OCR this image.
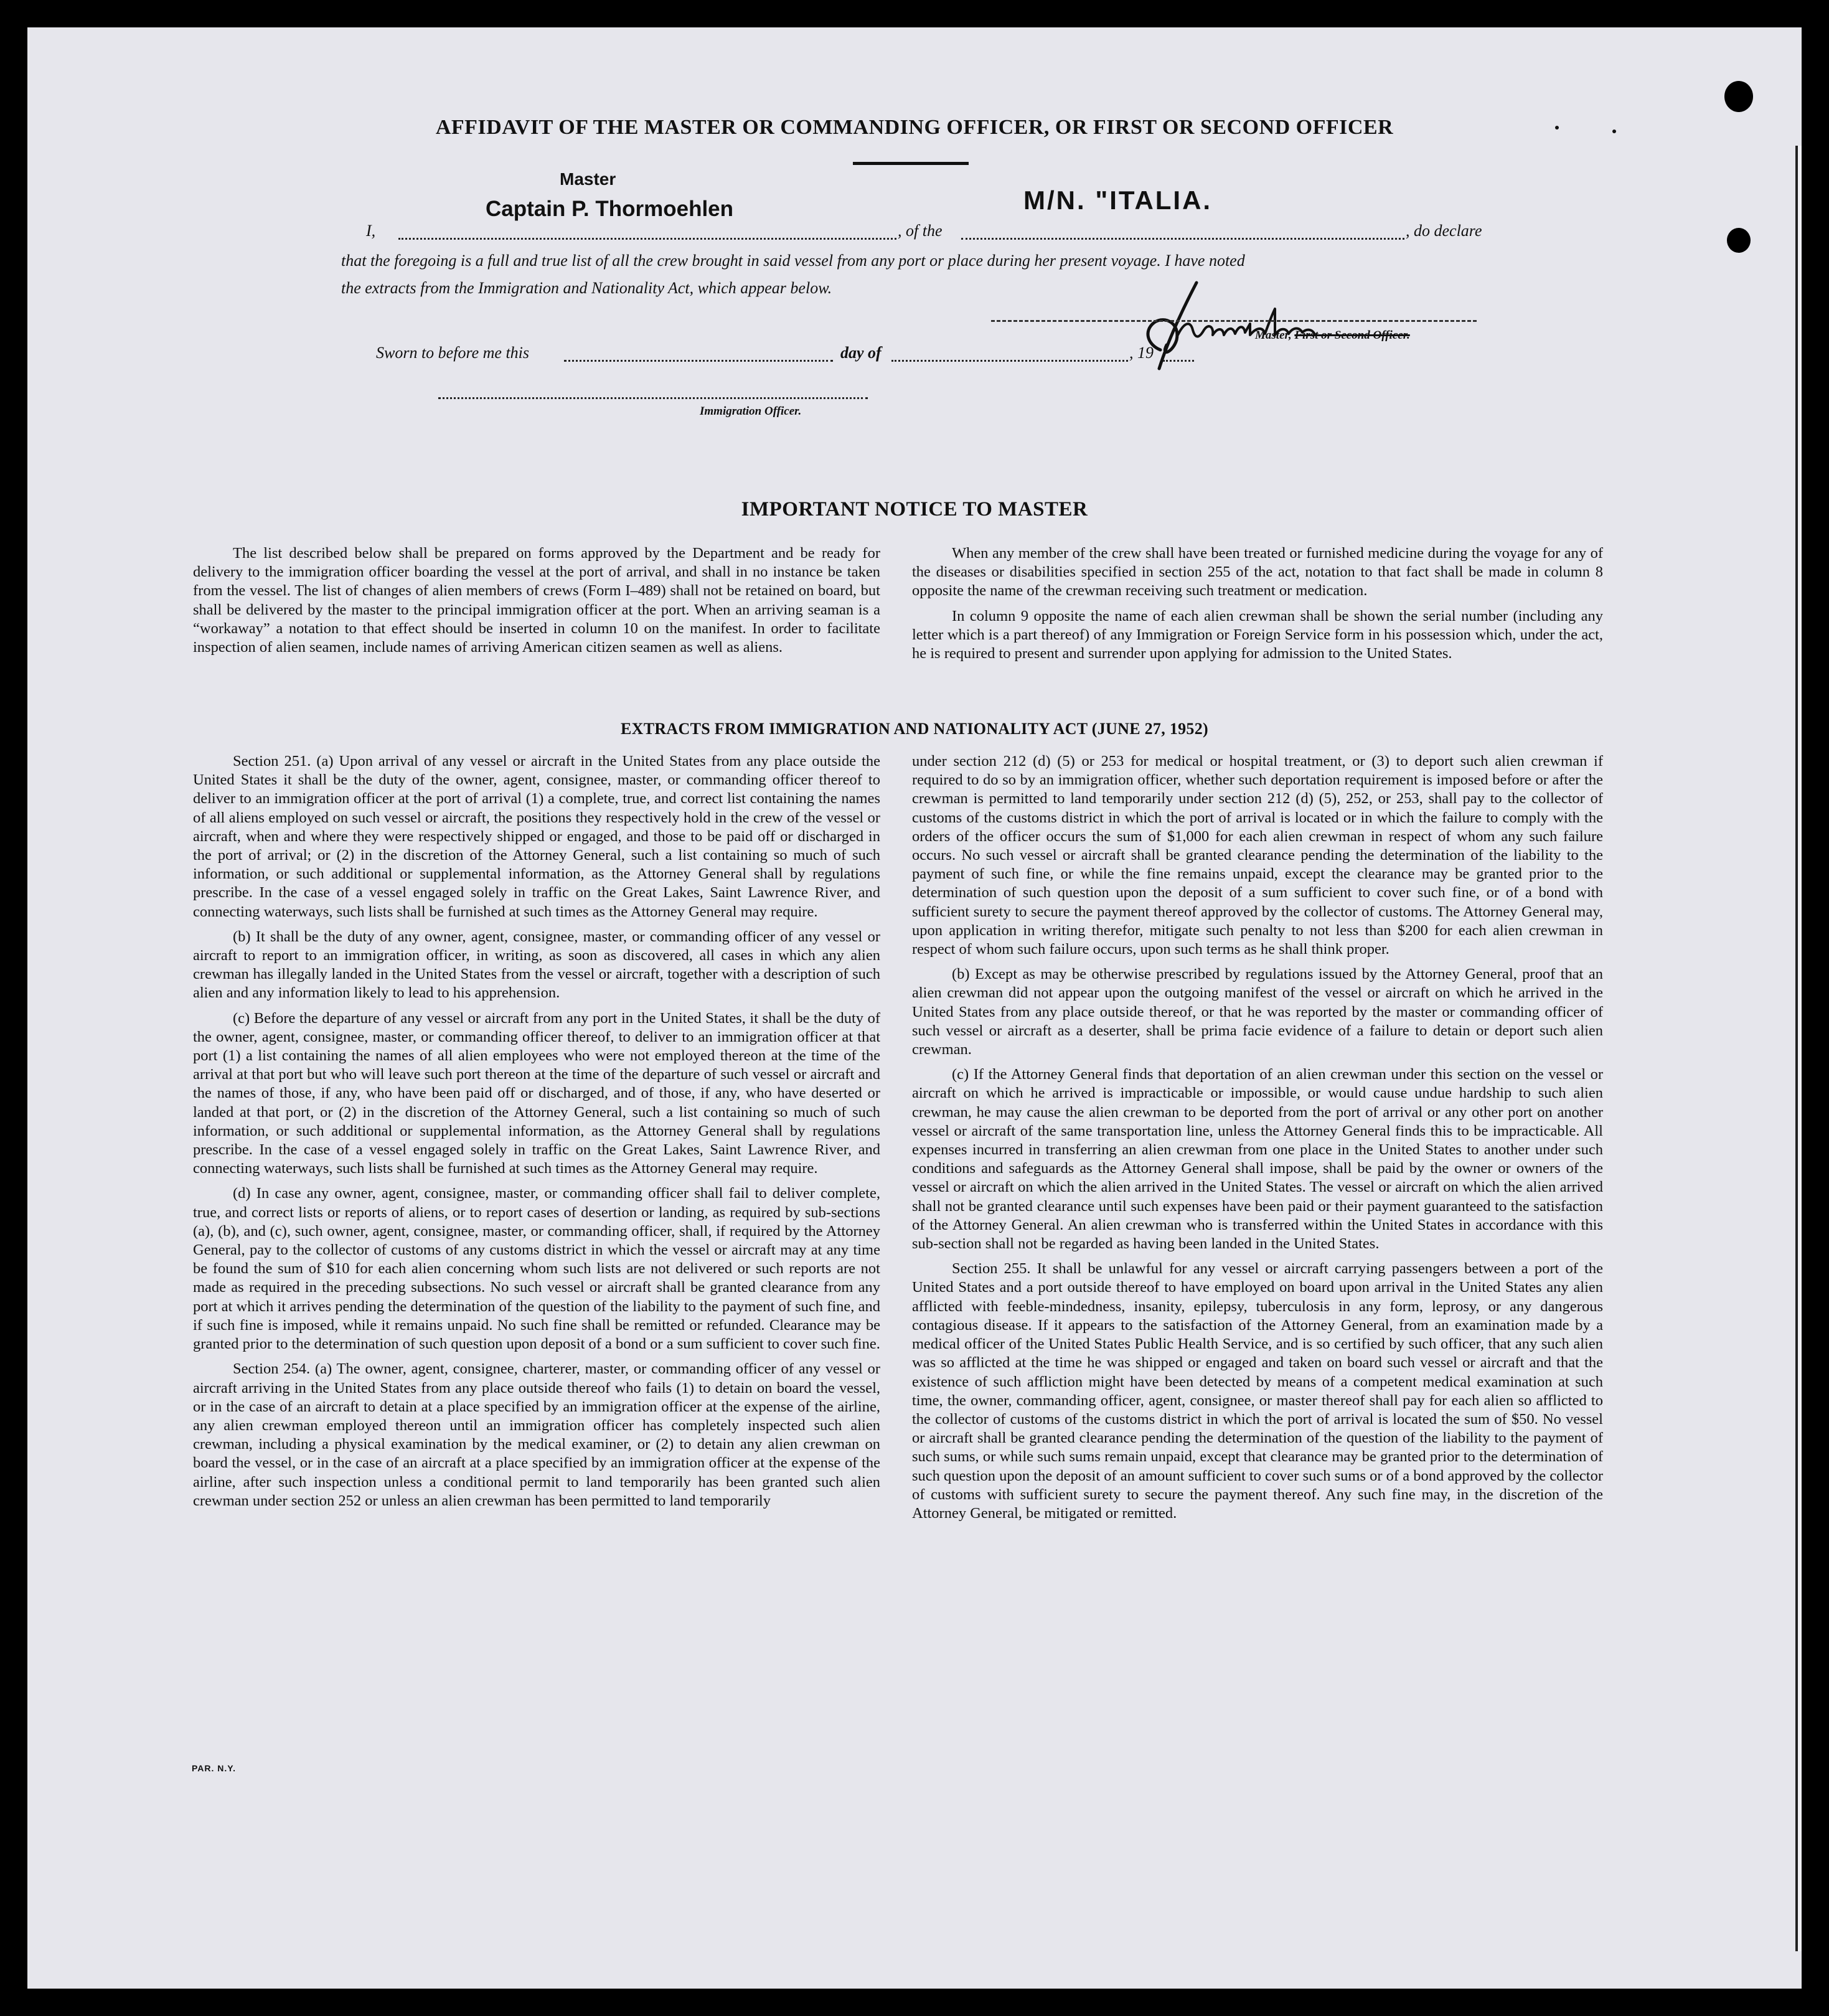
AFFIDAVIT OF THE MASTER OR COMMANDING OFFICER, OR FIRST OR SECOND OFFICER
I,
Master
Captain P. Thormoehlen
, of the
M/N. "ITALIA.
, do declare
that the foregoing is a full and true list of all the crew brought in said vessel from any port or place during her present voyage. I have noted
the extracts from the Immigration and Nationality Act, which appear below.
Master, First or Second Officer.
Sworn to before me this	day of	, 19
Immigration Officer.
IMPORTANT NOTICE TO MASTER

The list described below shall be prepared on forms approved by the Department and be ready for delivery to the immigration officer boarding the vessel at the port of arrival, and shall in no instance be taken from the vessel. The list of changes of alien members of crews (Form I–489) shall not be retained on board, but shall be delivered by the master to the principal immigration officer at the port. When an arriving seaman is a “workaway” a notation to that effect should be inserted in column 10 on the manifest. In order to facilitate inspection of alien seamen, include names of arriving American citizen seamen as well as aliens.

When any member of the crew shall have been treated or furnished medicine during the voyage for any of the diseases or disabilities specified in section 255 of the act, notation to that fact shall be made in column 8 opposite the name of the crewman receiving such treatment or medication.

In column 9 opposite the name of each alien crewman shall be shown the serial number (including any letter which is a part thereof) of any Immigration or Foreign Service form in his possession which, under the act, he is required to present and surrender upon applying for admission to the United States.

EXTRACTS FROM IMMIGRATION AND NATIONALITY ACT (JUNE 27, 1952)

Section 251. (a) Upon arrival of any vessel or aircraft in the United States from any place outside the United States it shall be the duty of the owner, agent, consignee, master, or commanding officer thereof to deliver to an immigration officer at the port of arrival (1) a complete, true, and correct list containing the names of all aliens employed on such vessel or aircraft, the positions they respectively hold in the crew of the vessel or aircraft, when and where they were respectively shipped or engaged, and those to be paid off or discharged in the port of arrival; or (2) in the discretion of the Attorney General, such a list containing so much of such information, or such additional or supplemental information, as the Attorney General shall by regulations prescribe. In the case of a vessel engaged solely in traffic on the Great Lakes, Saint Lawrence River, and connecting waterways, such lists shall be furnished at such times as the Attorney General may require.

(b) It shall be the duty of any owner, agent, consignee, master, or commanding officer of any vessel or aircraft to report to an immigration officer, in writing, as soon as discovered, all cases in which any alien crewman has illegally landed in the United States from the vessel or aircraft, together with a description of such alien and any information likely to lead to his apprehension.

(c) Before the departure of any vessel or aircraft from any port in the United States, it shall be the duty of the owner, agent, consignee, master, or commanding officer thereof, to deliver to an immigration officer at that port (1) a list containing the names of all alien employees who were not employed thereon at the time of the arrival at that port but who will leave such port thereon at the time of the departure of such vessel or aircraft and the names of those, if any, who have been paid off or discharged, and of those, if any, who have deserted or landed at that port, or (2) in the discretion of the Attorney General, such a list containing so much of such information, or such additional or supplemental information, as the Attorney General shall by regulations prescribe. In the case of a vessel engaged solely in traffic on the Great Lakes, Saint Lawrence River, and connecting waterways, such lists shall be furnished at such times as the Attorney General may require.

(d) In case any owner, agent, consignee, master, or commanding officer shall fail to deliver complete, true, and correct lists or reports of aliens, or to report cases of desertion or landing, as required by sub-sections (a), (b), and (c), such owner, agent, consignee, master, or commanding officer, shall, if required by the Attorney General, pay to the collector of customs of any customs district in which the vessel or aircraft may at any time be found the sum of $10 for each alien concerning whom such lists are not delivered or such reports are not made as required in the preceding subsections. No such vessel or aircraft shall be granted clearance from any port at which it arrives pending the determination of the question of the liability to the payment of such fine, and if such fine is imposed, while it remains unpaid. No such fine shall be remitted or refunded. Clearance may be granted prior to the determination of such question upon deposit of a bond or a sum sufficient to cover such fine.

Section 254. (a) The owner, agent, consignee, charterer, master, or commanding officer of any vessel or aircraft arriving in the United States from any place outside thereof who fails (1) to detain on board the vessel, or in the case of an aircraft to detain at a place specified by an immigration officer at the expense of the airline, any alien crewman employed thereon until an immigration officer has completely inspected such alien crewman, including a physical examination by the medical examiner, or (2) to detain any alien crewman on board the vessel, or in the case of an aircraft at a place specified by an immigration officer at the expense of the airline, after such inspection unless a conditional permit to land temporarily has been granted such alien crewman under section 252 or unless an alien crewman has been permitted to land temporarily

under section 212 (d) (5) or 253 for medical or hospital treatment, or (3) to deport such alien crewman if required to do so by an immigration officer, whether such deportation requirement is imposed before or after the crewman is permitted to land temporarily under section 212 (d) (5), 252, or 253, shall pay to the collector of customs of the customs district in which the port of arrival is located or in which the failure to comply with the orders of the officer occurs the sum of $1,000 for each alien crewman in respect of whom any such failure occurs. No such vessel or aircraft shall be granted clearance pending the determination of the liability to the payment of such fine, or while the fine remains unpaid, except the clearance may be granted prior to the determination of such question upon the deposit of a sum sufficient to cover such fine, or of a bond with sufficient surety to secure the payment thereof approved by the collector of customs. The Attorney General may, upon application in writing therefor, mitigate such penalty to not less than $200 for each alien crewman in respect of whom such failure occurs, upon such terms as he shall think proper.

(b) Except as may be otherwise prescribed by regulations issued by the Attorney General, proof that an alien crewman did not appear upon the outgoing manifest of the vessel or aircraft on which he arrived in the United States from any place outside thereof, or that he was reported by the master or commanding officer of such vessel or aircraft as a deserter, shall be prima facie evidence of a failure to detain or deport such alien crewman.

(c) If the Attorney General finds that deportation of an alien crewman under this section on the vessel or aircraft on which he arrived is impracticable or impossible, or would cause undue hardship to such alien crewman, he may cause the alien crewman to be deported from the port of arrival or any other port on another vessel or aircraft of the same transportation line, unless the Attorney General finds this to be impracticable. All expenses incurred in transferring an alien crewman from one place in the United States to another under such conditions and safeguards as the Attorney General shall impose, shall be paid by the owner or owners of the vessel or aircraft on which the alien arrived in the United States. The vessel or aircraft on which the alien arrived shall not be granted clearance until such expenses have been paid or their payment guaranteed to the satisfaction of the Attorney General. An alien crewman who is transferred within the United States in accordance with this sub-section shall not be regarded as having been landed in the United States.

Section 255. It shall be unlawful for any vessel or aircraft carrying passengers between a port of the United States and a port outside thereof to have employed on board upon arrival in the United States any alien afflicted with feeble-mindedness, insanity, epilepsy, tuberculosis in any form, leprosy, or any dangerous contagious disease. If it appears to the satisfaction of the Attorney General, from an examination made by a medical officer of the United States Public Health Service, and is so certified by such officer, that any such alien was so afflicted at the time he was shipped or engaged and taken on board such vessel or aircraft and that the existence of such affliction might have been detected by means of a competent medical examination at such time, the owner, commanding officer, agent, consignee, or master thereof shall pay for each alien so afflicted to the collector of customs of the customs district in which the port of arrival is located the sum of $50. No vessel or aircraft shall be granted clearance pending the determination of the question of the liability to the payment of such sums, or while such sums remain unpaid, except that clearance may be granted prior to the determination of such question upon the deposit of an amount sufficient to cover such sums or of a bond approved by the collector of customs with sufficient surety to secure the payment thereof. Any such fine may, in the discretion of the Attorney General, be mitigated or remitted.

PAR. N.Y.
